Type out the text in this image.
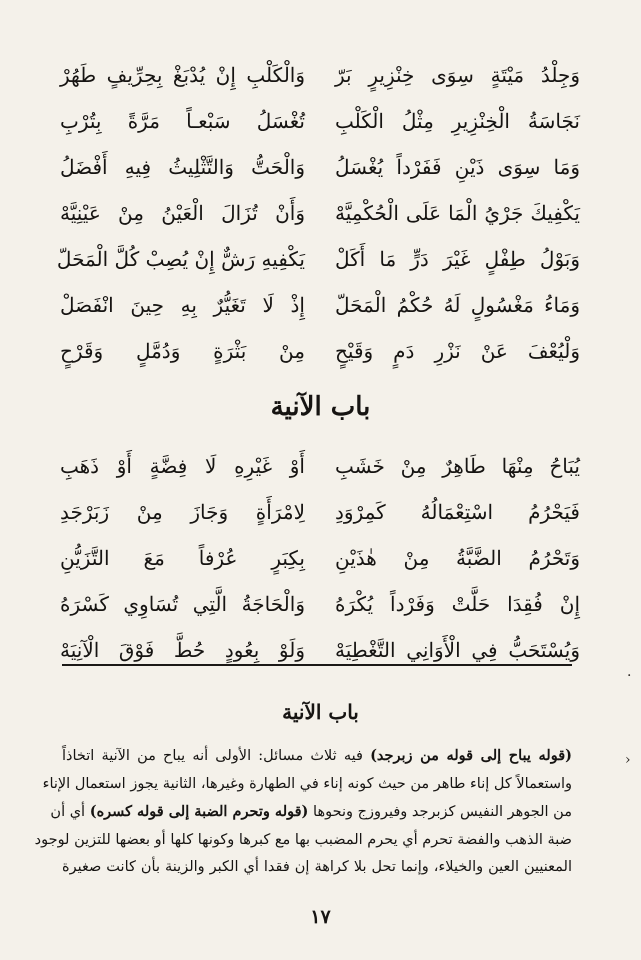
وَجِلْدُ مَيْتَةٍ سِوَى خِنْزِيرٍ بَرّ
وَالْكَلْبِ إِنْ يُدْبَغْ بِحِرِّيفٍ طَهُرْ
نَجَاسَةُ الْخِنْزِيرِ مِثْلُ الْكَلْبِ
تُغْسَلُ سَبْعـاً مَرَّةً بِتُرْبِ
وَمَا سِوَى ذَيْنِ فَفَرْداً يُغْسَلُ
وَالْحَتُّ وَالتَّثْلِيثُ فِيهِ أَفْضَلُ
يَكْفِيكَ جَرْيُ الْمَا عَلَى الْحُكْمِيَّهْ
وَأَنْ تُزَالَ الْعَيْنُ مِنْ عَيْنِيَّهْ
وَبَوْلُ طِفْلٍ غَيْرَ دَرٍّ مَا أَكَلْ
يَكْفِيهِ رَشٌّ إِنْ يُصِبْ كُلَّ الْمَحَلّ
وَمَاءُ مَغْسُولٍ لَهُ حُكْمُ الْمَحَلّ
إِذْ لَا تَغَيُّرٌ بِهِ حِينَ انْفَصَلْ
وَلْيُعْفَ عَنْ نَزْرِ دَمٍ وَقَيْحٍ
مِنْ بَثْرَةٍ وَدُمَّلٍ وَقَرْحٍ
باب الآنية
يُبَاحُ مِنْهَا طَاهِرٌ مِنْ خَشَبِ
أَوْ غَيْرِهِ لَا فِضَّةٍ أَوْ ذَهَبِ
فَيَحْرُمُ اسْتِعْمَالُهُ كَمِرْوَدِ
لِامْرَأَةٍ وَجَازَ مِنْ زَبَرْجَدِ
وَتَحْرُمُ الضَّبَّةُ مِنْ هٰذَيْنِ
بِكِبَرٍ عُرْفاً مَعَ التَّزَيُّنِ
إِنْ فُقِدَا حَلَّتْ وَفَرْداً يُكْرَهُ
وَالْحَاجَةُ الَّتِي تُسَاوِي كَسْرَهُ
وَيُسْتَحَبُّ فِي الْأَوَانِي التَّغْطِيَهْ
وَلَوْ بِعُودٍ حُطَّ فَوْقَ الْآنِيَهْ
باب الآنية
(قوله يباح إلى قوله من زبرجد) فيه ثلاث مسائل: الأولى أنه يباح من الآنية اتخاذاً
واستعمالاً كل إناء طاهر من حيث كونه إناء في الطهارة وغيرها، الثانية يجوز استعمال الإناء
من الجوهر النفيس كزبرجد وفيروزج ونحوها (قوله وتحرم الضبة إلى قوله كسره) أي أن
ضبة الذهب والفضة تحرم أي يحرم المضبب بها مع كبرها وكونها كلها أو بعضها للتزين لوجود
المعنيين العين والخيلاء، وإنما تحل بلا كراهة إن فقدا أي الكبر والزينة بأن كانت صغيرة
١٧
·
›
